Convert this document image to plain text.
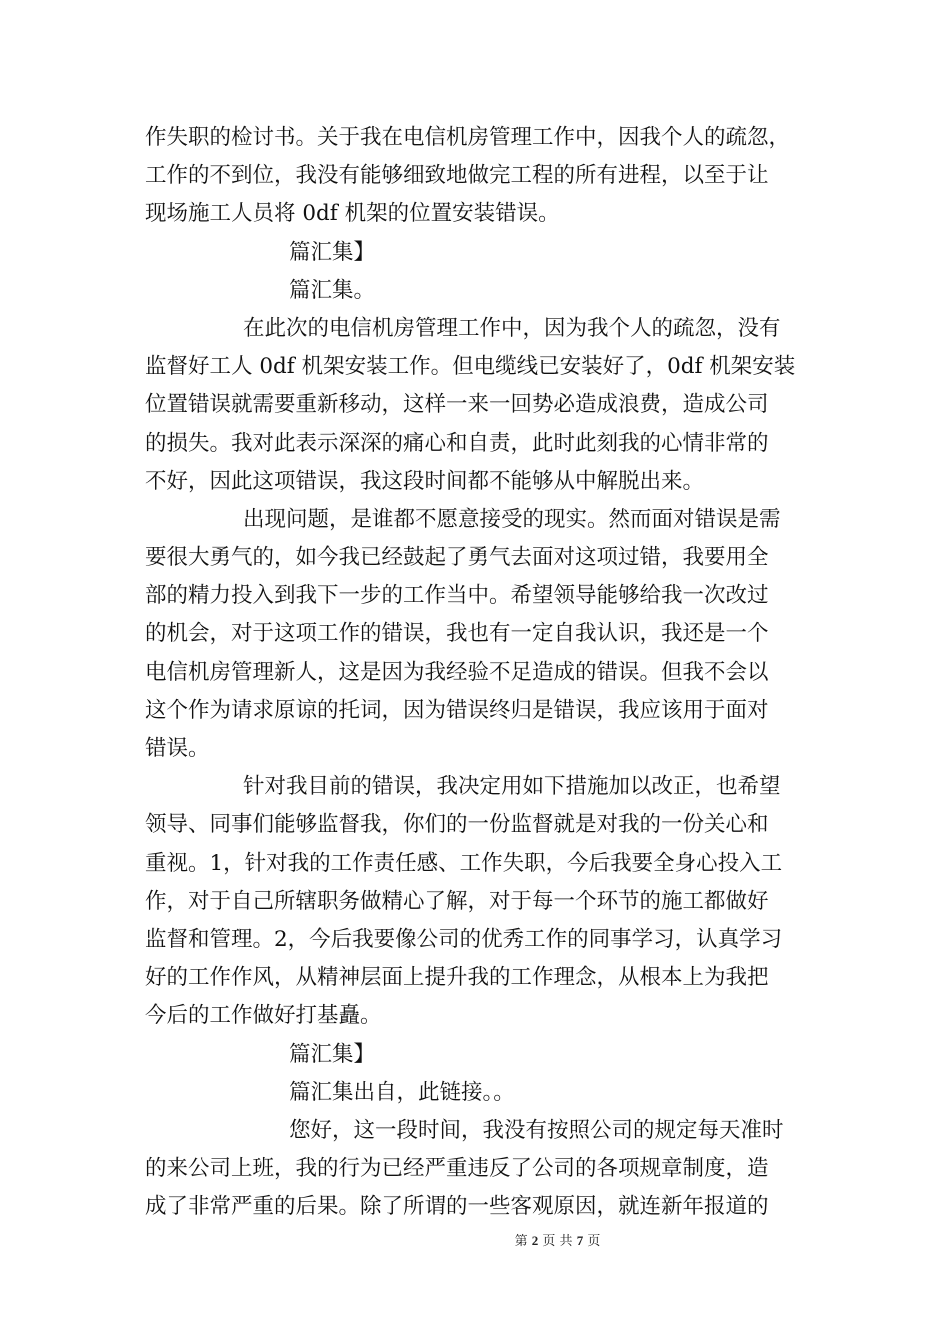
作失职的检讨书。关于我在电信机房管理工作中，因我个人的疏忽，
工作的不到位，我没有能够细致地做完工程的所有进程，以至于让
现场施工人员将 0df 机架的位置安装错误。
篇汇集】
篇汇集。
在此次的电信机房管理工作中，因为我个人的疏忽，没有
监督好工人 0df 机架安装工作。但电缆线已安装好了，0df 机架安装
位置错误就需要重新移动，这样一来一回势必造成浪费，造成公司
的损失。我对此表示深深的痛心和自责，此时此刻我的心情非常的
不好，因此这项错误，我这段时间都不能够从中解脱出来。
出现问题，是谁都不愿意接受的现实。然而面对错误是需
要很大勇气的，如今我已经鼓起了勇气去面对这项过错，我要用全
部的精力投入到我下一步的工作当中。希望领导能够给我一次改过
的机会，对于这项工作的错误，我也有一定自我认识，我还是一个
电信机房管理新人，这是因为我经验不足造成的错误。但我不会以
这个作为请求原谅的托词，因为错误终归是错误，我应该用于面对
错误。
针对我目前的错误，我决定用如下措施加以改正，也希望
领导、同事们能够监督我，你们的一份监督就是对我的一份关心和
重视。1，针对我的工作责任感、工作失职，今后我要全身心投入工
作，对于自己所辖职务做精心了解，对于每一个环节的施工都做好
监督和管理。2，今后我要像公司的优秀工作的同事学习，认真学习
好的工作作风，从精神层面上提升我的工作理念，从根本上为我把
今后的工作做好打基矗。
篇汇集】
篇汇集出自，此链接。。
您好，这一段时间，我没有按照公司的规定每天准时
的来公司上班，我的行为已经严重违反了公司的各项规章制度，造
成了非常严重的后果。除了所谓的一些客观原因，就连新年报道的
第 2 页 共 7 页
